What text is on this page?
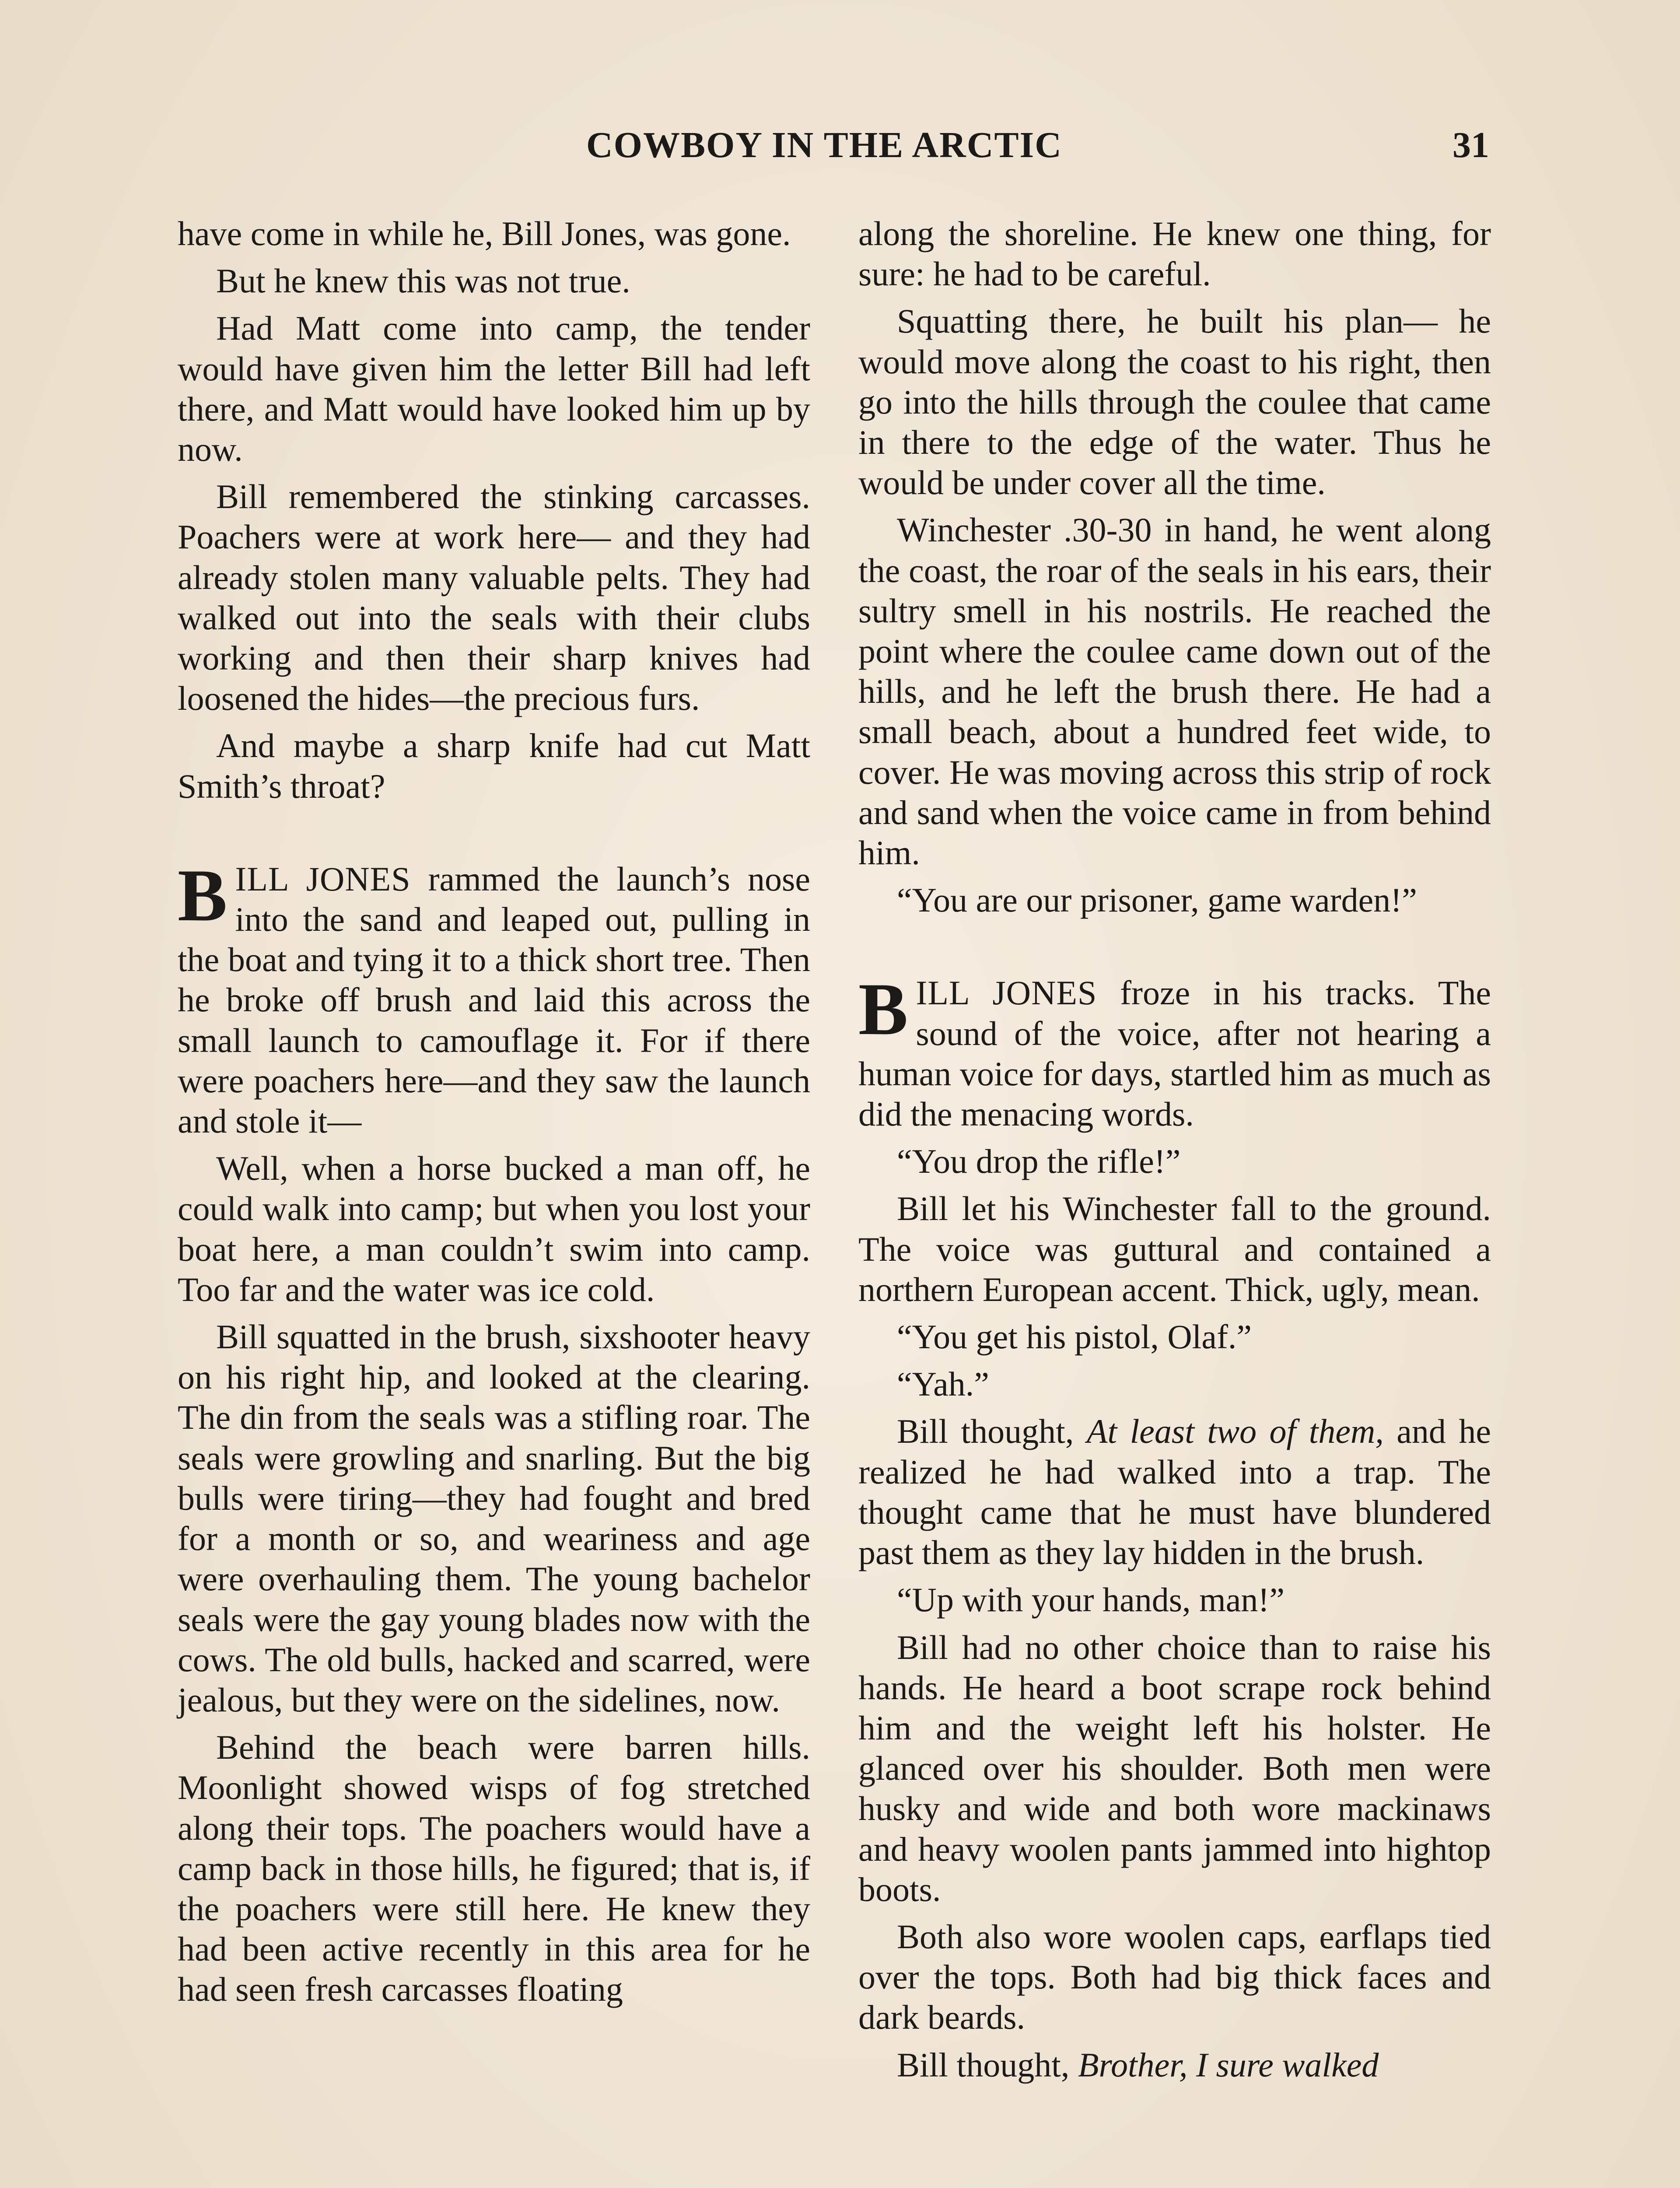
COWBOY IN THE ARCTIC	31

have come in while he, Bill Jones, was gone.

But he knew this was not true.

Had Matt come into camp, the tender would have given him the letter Bill had left there, and Matt would have looked him up by now.

Bill remembered the stinking carcasses. Poachers were at work here— and they had already stolen many valuable pelts. They had walked out into the seals with their clubs working and then their sharp knives had loosened the hides—the precious furs.

And maybe a sharp knife had cut Matt Smith’s throat?

BILL JONES rammed the launch’s nose into the sand and leaped out, pulling in the boat and tying it to a thick short tree. Then he broke off brush and laid this across the small launch to camouflage it. For if there were poachers here—and they saw the launch and stole it—

Well, when a horse bucked a man off, he could walk into camp; but when you lost your boat here, a man couldn’t swim into camp. Too far and the water was ice cold.

Bill squatted in the brush, sixshooter heavy on his right hip, and looked at the clearing. The din from the seals was a stifling roar. The seals were growling and snarling. But the big bulls were tiring—they had fought and bred for a month or so, and weariness and age were overhauling them. The young bachelor seals were the gay young blades now with the cows. The old bulls, hacked and scarred, were jealous, but they were on the sidelines, now.

Behind the beach were barren hills. Moonlight showed wisps of fog stretched along their tops. The poachers would have a camp back in those hills, he figured; that is, if the poachers were still here. He knew they had been active recently in this area for he had seen fresh carcasses floating

along the shoreline. He knew one thing, for sure: he had to be careful.

Squatting there, he built his plan— he would move along the coast to his right, then go into the hills through the coulee that came in there to the edge of the water. Thus he would be under cover all the time.

Winchester .30-30 in hand, he went along the coast, the roar of the seals in his ears, their sultry smell in his nostrils. He reached the point where the coulee came down out of the hills, and he left the brush there. He had a small beach, about a hundred feet wide, to cover. He was moving across this strip of rock and sand when the voice came in from behind him.

“You are our prisoner, game warden!”

BILL JONES froze in his tracks. The sound of the voice, after not hearing a human voice for days, startled him as much as did the menacing words.

“You drop the rifle!”

Bill let his Winchester fall to the ground. The voice was guttural and contained a northern European accent. Thick, ugly, mean.

“You get his pistol, Olaf.”

“Yah.”

Bill thought, At least two of them, and he realized he had walked into a trap. The thought came that he must have blundered past them as they lay hidden in the brush.

“Up with your hands, man!”

Bill had no other choice than to raise his hands. He heard a boot scrape rock behind him and the weight left his holster. He glanced over his shoulder. Both men were husky and wide and both wore mackinaws and heavy woolen pants jammed into hightop boots.

Both also wore woolen caps, earflaps tied over the tops. Both had big thick faces and dark beards.

Bill thought, Brother, I sure walked
